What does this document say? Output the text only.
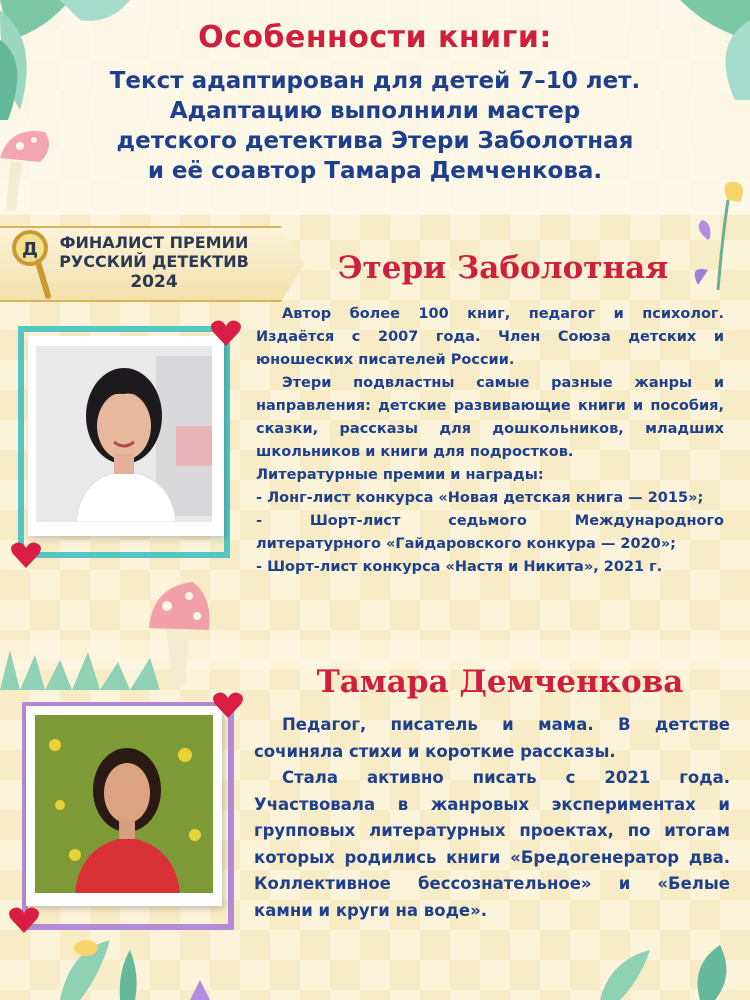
Особенности книги:
Текст адаптирован для детей 7–10 лет.
Адаптацию выполнили мастер
детского детектива Этери Заболотная
и её соавтор Тамара Демченкова.
Д	ФИНАЛИСТ ПРЕМИИ
РУССКИЙ ДЕТЕКТИВ
2024	Этери Заболотная

Автор более 100 книг, педагог и психолог. Издаётся с 2007 года. Член Союза детских и юношеских писателей России.

Этери подвластны самые разные жанры и направления: детские развивающие книги и пособия, сказки, рассказы для дошкольников, младших школьников и книги для подростков.

Литературные премии и награды:

- Лонг-лист конкурса «Новая детская книга — 2015»;

- Шорт-лист седьмого Международного литературного «Гайдаровского конкура — 2020»;

- Шорт-лист конкурса «Настя и Никита», 2021 г.

Тамара Демченкова

Педагог, писатель и мама. В детстве сочиняла стихи и короткие рассказы.

Стала активно писать с 2021 года. Участвовала в жанровых экспериментах и групповых литературных проектах, по итогам которых родились книги «Бредогенератор два. Коллективное бессознательное» и «Белые камни и круги на воде».
